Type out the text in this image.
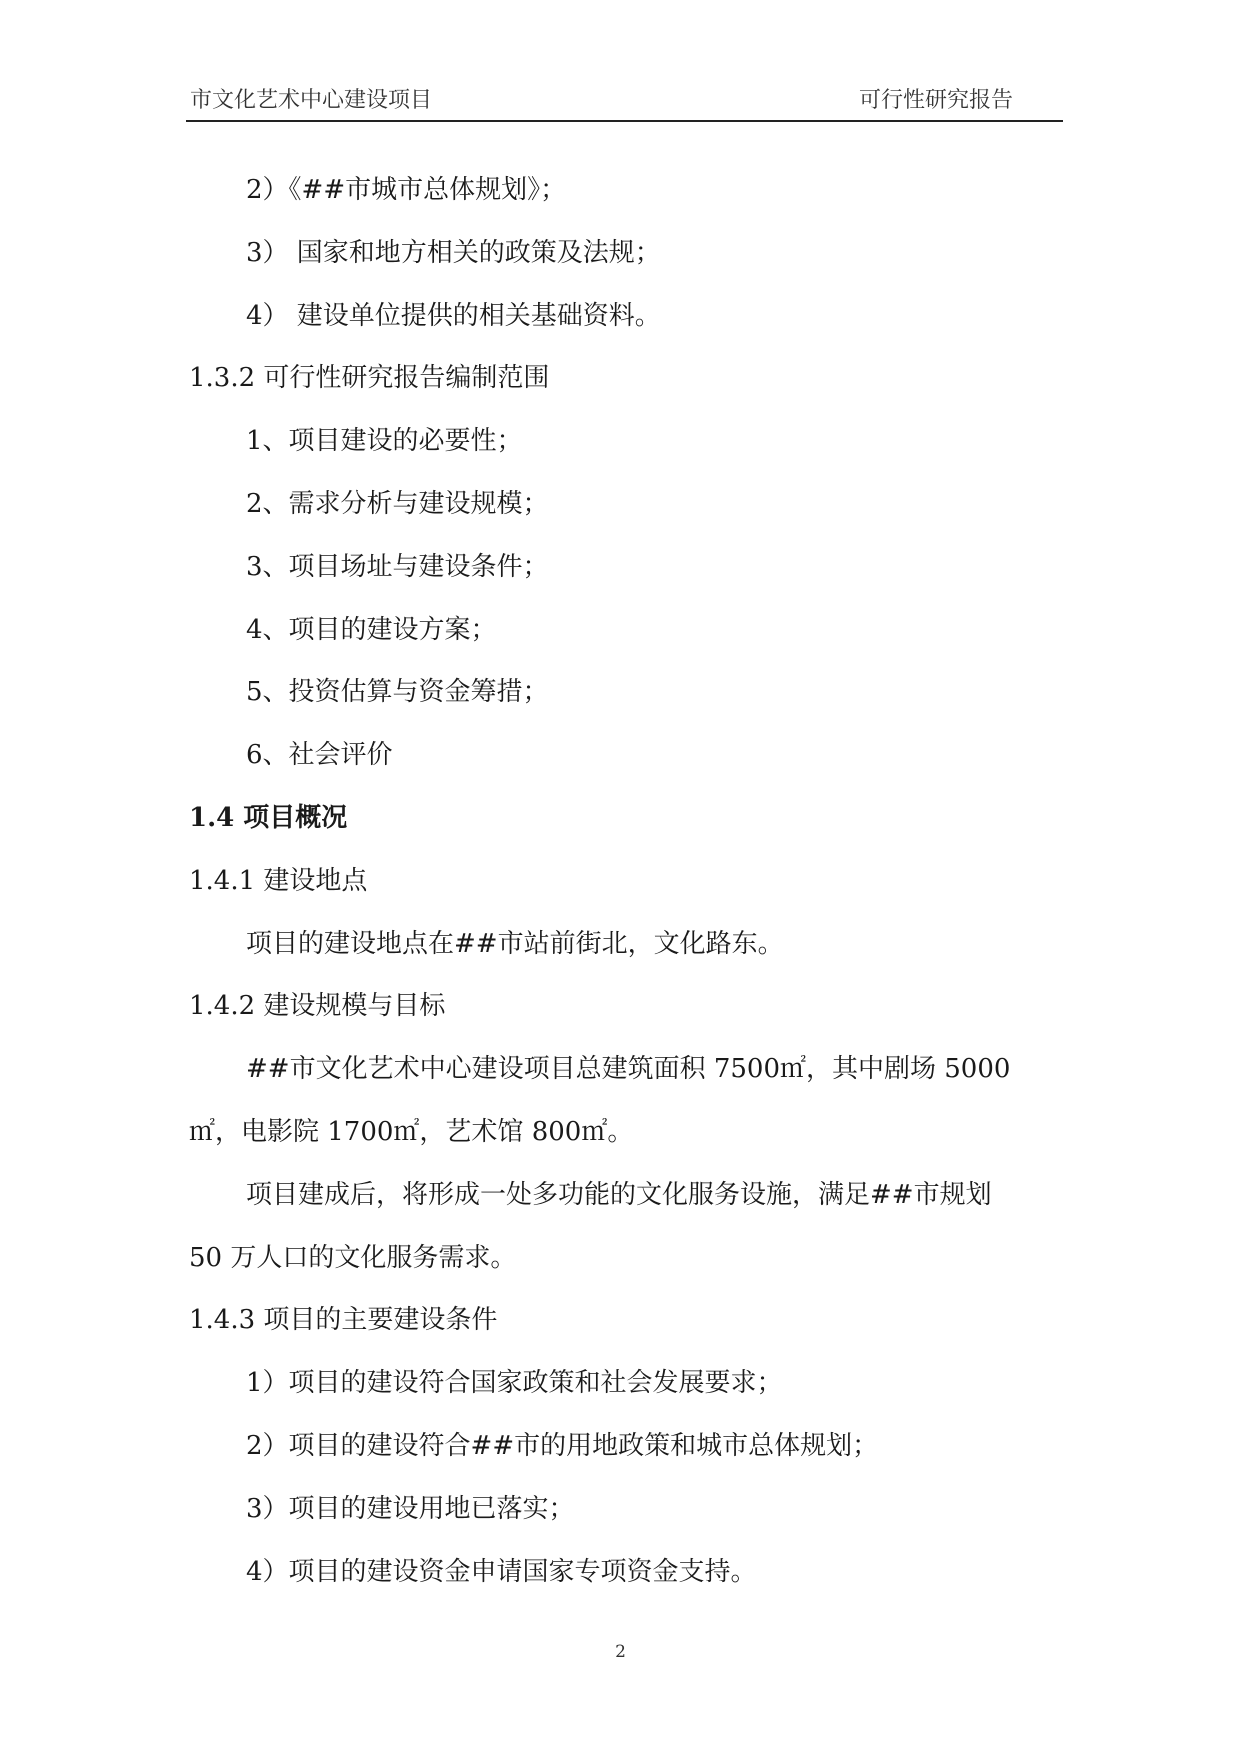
市文化艺术中心建设项目	可行性研究报告
2）《##市城市总体规划》；
3） 国家和地方相关的政策及法规；
4） 建设单位提供的相关基础资料。
1.3.2 可行性研究报告编制范围
1、项目建设的必要性；
2、需求分析与建设规模；
3、项目场址与建设条件；
4、项目的建设方案；
5、投资估算与资金筹措；
6、社会评价
1.4 项目概况
1.4.1 建设地点
项目的建设地点在##市站前街北，文化路东。
1.4.2 建设规模与目标
##市文化艺术中心建设项目总建筑面积 7500㎡，其中剧场 5000
㎡，电影院 1700㎡，艺术馆 800㎡。
项目建成后，将形成一处多功能的文化服务设施，满足##市规划
50 万人口的文化服务需求。
1.4.3 项目的主要建设条件
1）项目的建设符合国家政策和社会发展要求；
2）项目的建设符合##市的用地政策和城市总体规划；
3）项目的建设用地已落实；
4）项目的建设资金申请国家专项资金支持。
2
